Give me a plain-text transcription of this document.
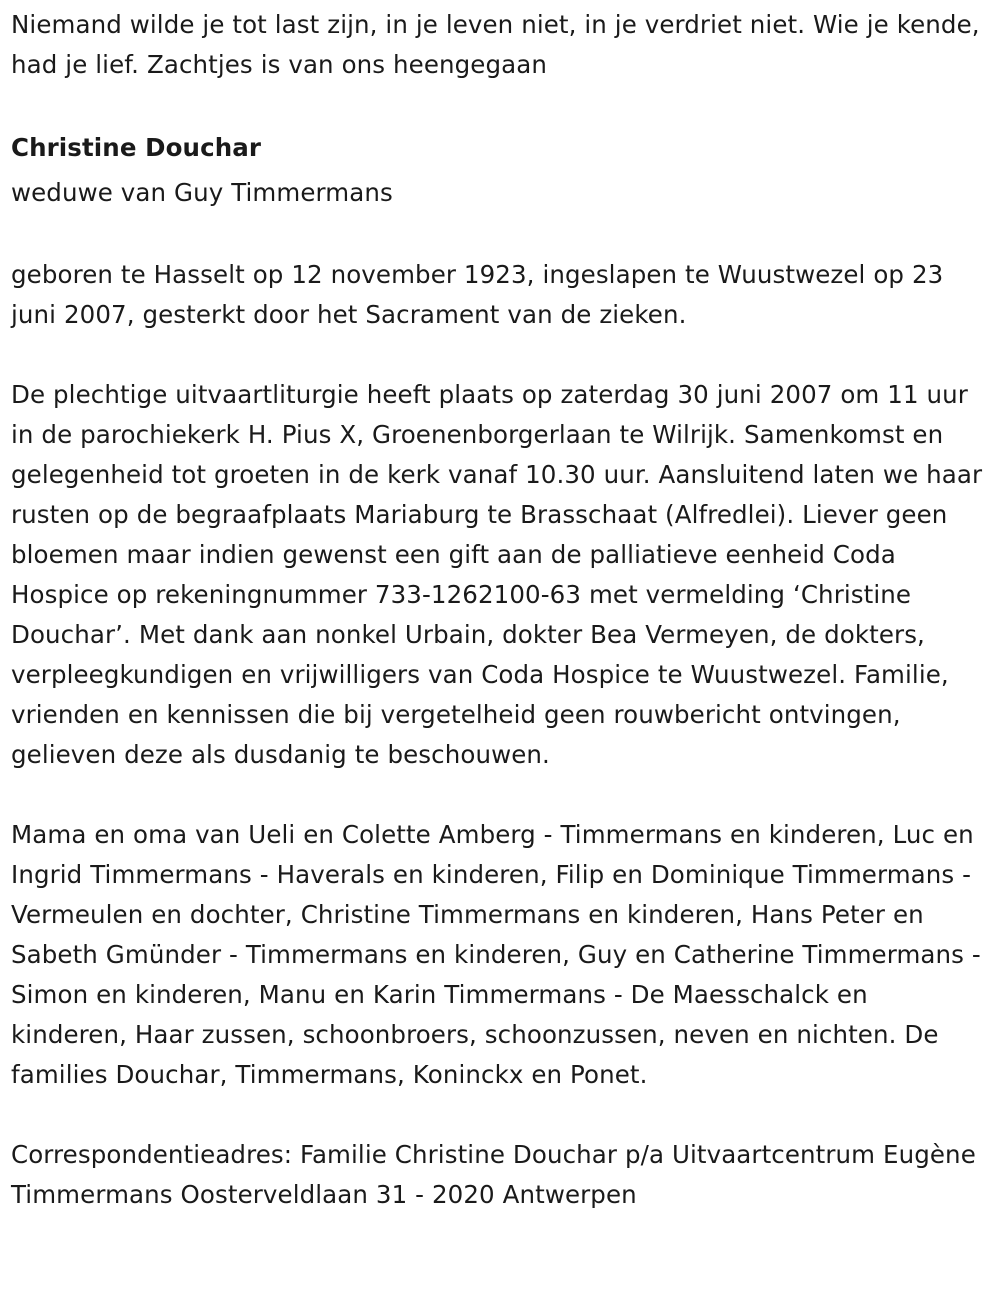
Niemand wilde je tot last zijn, in je leven niet, in je verdriet niet. Wie je kende, had je lief. Zachtjes is van ons heengegaan

Christine Douchar

weduwe van Guy Timmermans

geboren te Hasselt op 12 november 1923, ingeslapen te Wuustwezel op 23 juni 2007, gesterkt door het Sacrament van de zieken.

De plechtige uitvaartliturgie heeft plaats op zaterdag 30 juni 2007 om 11 uur in de parochiekerk H. Pius X, Groenenborgerlaan te Wilrijk. Samenkomst en gelegenheid tot groeten in de kerk vanaf 10.30 uur. Aansluitend laten we haar rusten op de begraafplaats Mariaburg te Brasschaat (Alfredlei). Liever geen bloemen maar indien gewenst een gift aan de palliatieve eenheid Coda Hospice op rekeningnummer 733-1262100-63 met vermelding ‘Christine Douchar’. Met dank aan nonkel Urbain, dokter Bea Vermeyen, de dokters, verpleegkundigen en vrijwilligers van Coda Hospice te Wuustwezel. Familie, vrienden en kennissen die bij vergetelheid geen rouwbericht ontvingen, gelieven deze als dusdanig te beschouwen.

Mama en oma van Ueli en Colette Amberg - Timmermans en kinderen, Luc en Ingrid Timmermans - Haverals en kinderen, Filip en Dominique Timmermans - Vermeulen en dochter, Christine Timmermans en kinderen, Hans Peter en Sabeth Gmünder - Timmermans en kinderen, Guy en Catherine Timmermans - Simon en kinderen, Manu en Karin Timmermans - De Maesschalck en kinderen, Haar zussen, schoonbroers, schoonzussen, neven en nichten. De families Douchar, Timmermans, Koninckx en Ponet.

Correspondentieadres: Familie Christine Douchar p/a Uitvaartcentrum Eugène Timmermans Oosterveldlaan 31 - 2020 Antwerpen
